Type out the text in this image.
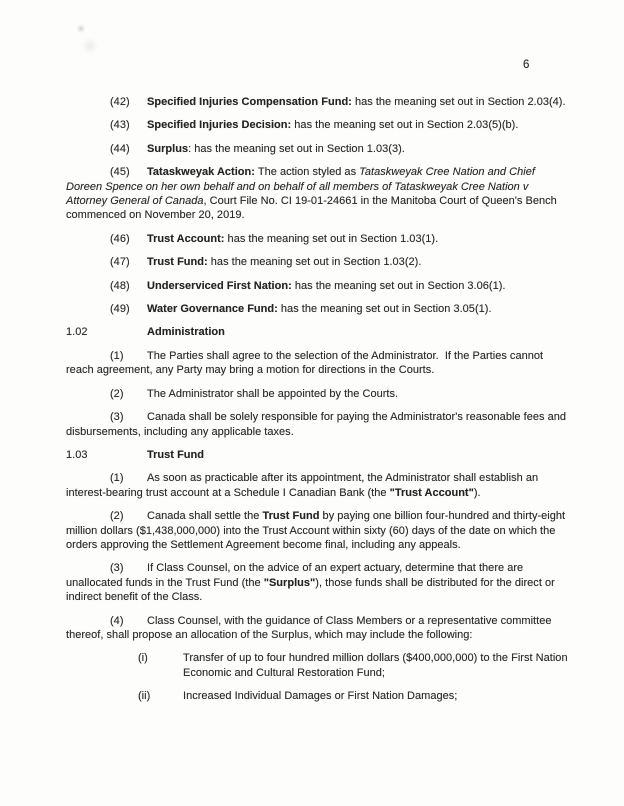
6

(42) Specified Injuries Compensation Fund: has the meaning set out in Section 2.03(4).

(43) Specified Injuries Decision: has the meaning set out in Section 2.03(5)(b).

(44) Surplus: has the meaning set out in Section 1.03(3).

(45) Tataskweyak Action: The action styled as Tataskweyak Cree Nation and Chief Doreen Spence on her own behalf and on behalf of all members of Tataskweyak Cree Nation v Attorney General of Canada, Court File No. CI 19-01-24661 in the Manitoba Court of Queen's Bench commenced on November 20, 2019.

(46) Trust Account: has the meaning set out in Section 1.03(1).

(47) Trust Fund: has the meaning set out in Section 1.03(2).

(48) Underserviced First Nation: has the meaning set out in Section 3.06(1).

(49) Water Governance Fund: has the meaning set out in Section 3.05(1).

1.02	Administration

(1) The Parties shall agree to the selection of the Administrator.  If the Parties cannot reach agreement, any Party may bring a motion for directions in the Courts.

(2) The Administrator shall be appointed by the Courts.

(3) Canada shall be solely responsible for paying the Administrator's reasonable fees and disbursements, including any applicable taxes.

1.03	Trust Fund

(1) As soon as practicable after its appointment, the Administrator shall establish an interest-bearing trust account at a Schedule I Canadian Bank (the "Trust Account").

(2) Canada shall settle the Trust Fund by paying one billion four-hundred and thirty-eight million dollars ($1,438,000,000) into the Trust Account within sixty (60) days of the date on which the orders approving the Settlement Agreement become final, including any appeals.

(3) If Class Counsel, on the advice of an expert actuary, determine that there are unallocated funds in the Trust Fund (the "Surplus"), those funds shall be distributed for the direct or indirect benefit of the Class.

(4) Class Counsel, with the guidance of Class Members or a representative committee thereof, shall propose an allocation of the Surplus, which may include the following:

(i)	Transfer of up to four hundred million dollars ($400,000,000) to the First Nation Economic and Cultural Restoration Fund;

(ii)	Increased Individual Damages or First Nation Damages;
